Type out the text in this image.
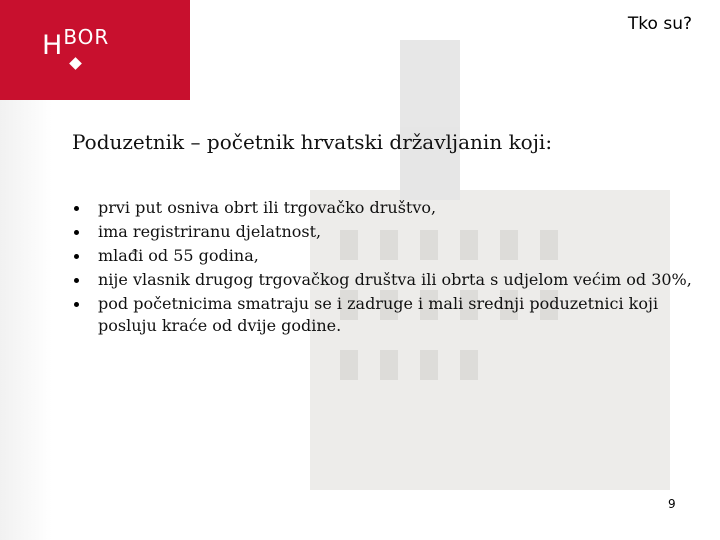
$H^{BOR}$
Tko su?
Poduzetnik – početnik hrvatski državljanin koji:
prvi put osniva obrt ili trgovačko društvo,
ima registriranu djelatnost,
mlađi od 55 godina,
nije vlasnik drugog trgovačkog društva ili obrta s udjelom većim od 30%,
pod početnicima smatraju se i zadruge i mali srednji poduzetnici koji posluju kraće od dvije godine.
9
